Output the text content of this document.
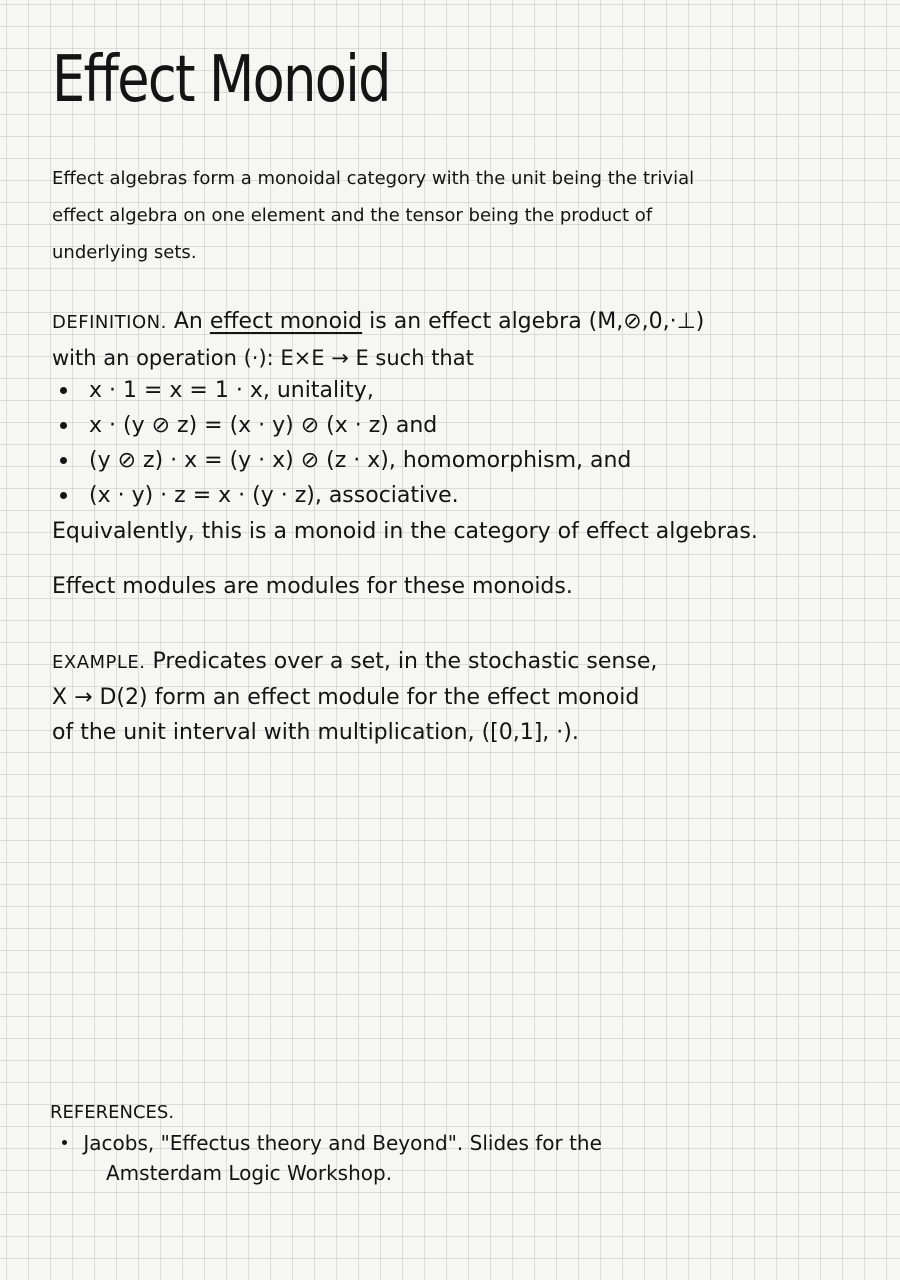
Effect Monoid
Effect algebras form a monoidal category with the unit being the trivial
effect algebra on one element and the tensor being the product of
underlying sets.
DEFINITION. An effect monoid is an effect algebra (M,⊘,0,·⊥)
with an operation (·): E×E → E such that
x · 1 = x = 1 · x, unitality,
x · (y ⊘ z) = (x · y) ⊘ (x · z) and
(y ⊘ z) · x = (y · x) ⊘ (z · x), homomorphism, and
(x · y) · z = x · (y · z), associative.
Equivalently, this is a monoid in the category of effect algebras.
Effect modules are modules for these monoids.
EXAMPLE. Predicates over a set, in the stochastic sense,
X → D(2) form an effect module for the effect monoid
of the unit interval with multiplication, ([0,1], ·).
REFERENCES.
Jacobs, "Effectus theory and Beyond". Slides for the
Amsterdam Logic Workshop.
